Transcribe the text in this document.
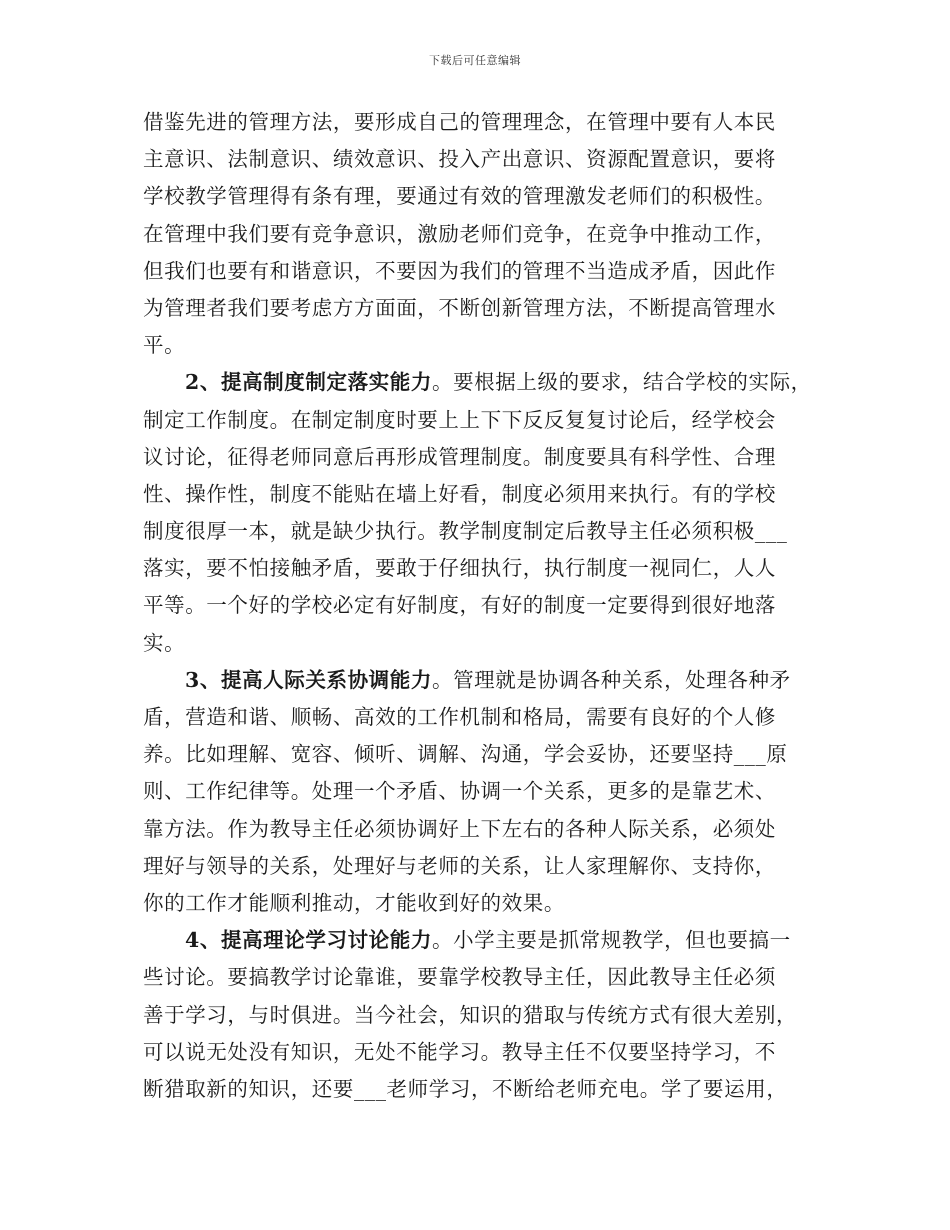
下载后可任意编辑
借鉴先进的管理方法，要形成自己的管理理念，在管理中要有人本民
主意识、法制意识、绩效意识、投入产出意识、资源配置意识，要将
学校教学管理得有条有理，要通过有效的管理激发老师们的积极性。
在管理中我们要有竞争意识，激励老师们竞争，在竞争中推动工作，
但我们也要有和谐意识，不要因为我们的管理不当造成矛盾，因此作
为管理者我们要考虑方方面面，不断创新管理方法，不断提高管理水
平。
2、提高制度制定落实能力。要根据上级的要求，结合学校的实际，
制定工作制度。在制定制度时要上上下下反反复复讨论后，经学校会
议讨论，征得老师同意后再形成管理制度。制度要具有科学性、合理
性、操作性，制度不能贴在墙上好看，制度必须用来执行。有的学校
制度很厚一本，就是缺少执行。教学制度制定后教导主任必须积极___
落实，要不怕接触矛盾，要敢于仔细执行，执行制度一视同仁，人人
平等。一个好的学校必定有好制度，有好的制度一定要得到很好地落
实。
3、提高人际关系协调能力。管理就是协调各种关系，处理各种矛
盾，营造和谐、顺畅、高效的工作机制和格局，需要有良好的个人修
养。比如理解、宽容、倾听、调解、沟通，学会妥协，还要坚持___原
则、工作纪律等。处理一个矛盾、协调一个关系，更多的是靠艺术、
靠方法。作为教导主任必须协调好上下左右的各种人际关系，必须处
理好与领导的关系，处理好与老师的关系，让人家理解你、支持你，
你的工作才能顺利推动，才能收到好的效果。
4、提高理论学习讨论能力。小学主要是抓常规教学，但也要搞一
些讨论。要搞教学讨论靠谁，要靠学校教导主任，因此教导主任必须
善于学习，与时俱进。当今社会，知识的猎取与传统方式有很大差别，
可以说无处没有知识，无处不能学习。教导主任不仅要坚持学习，不
断猎取新的知识，还要___老师学习，不断给老师充电。学了要运用，
